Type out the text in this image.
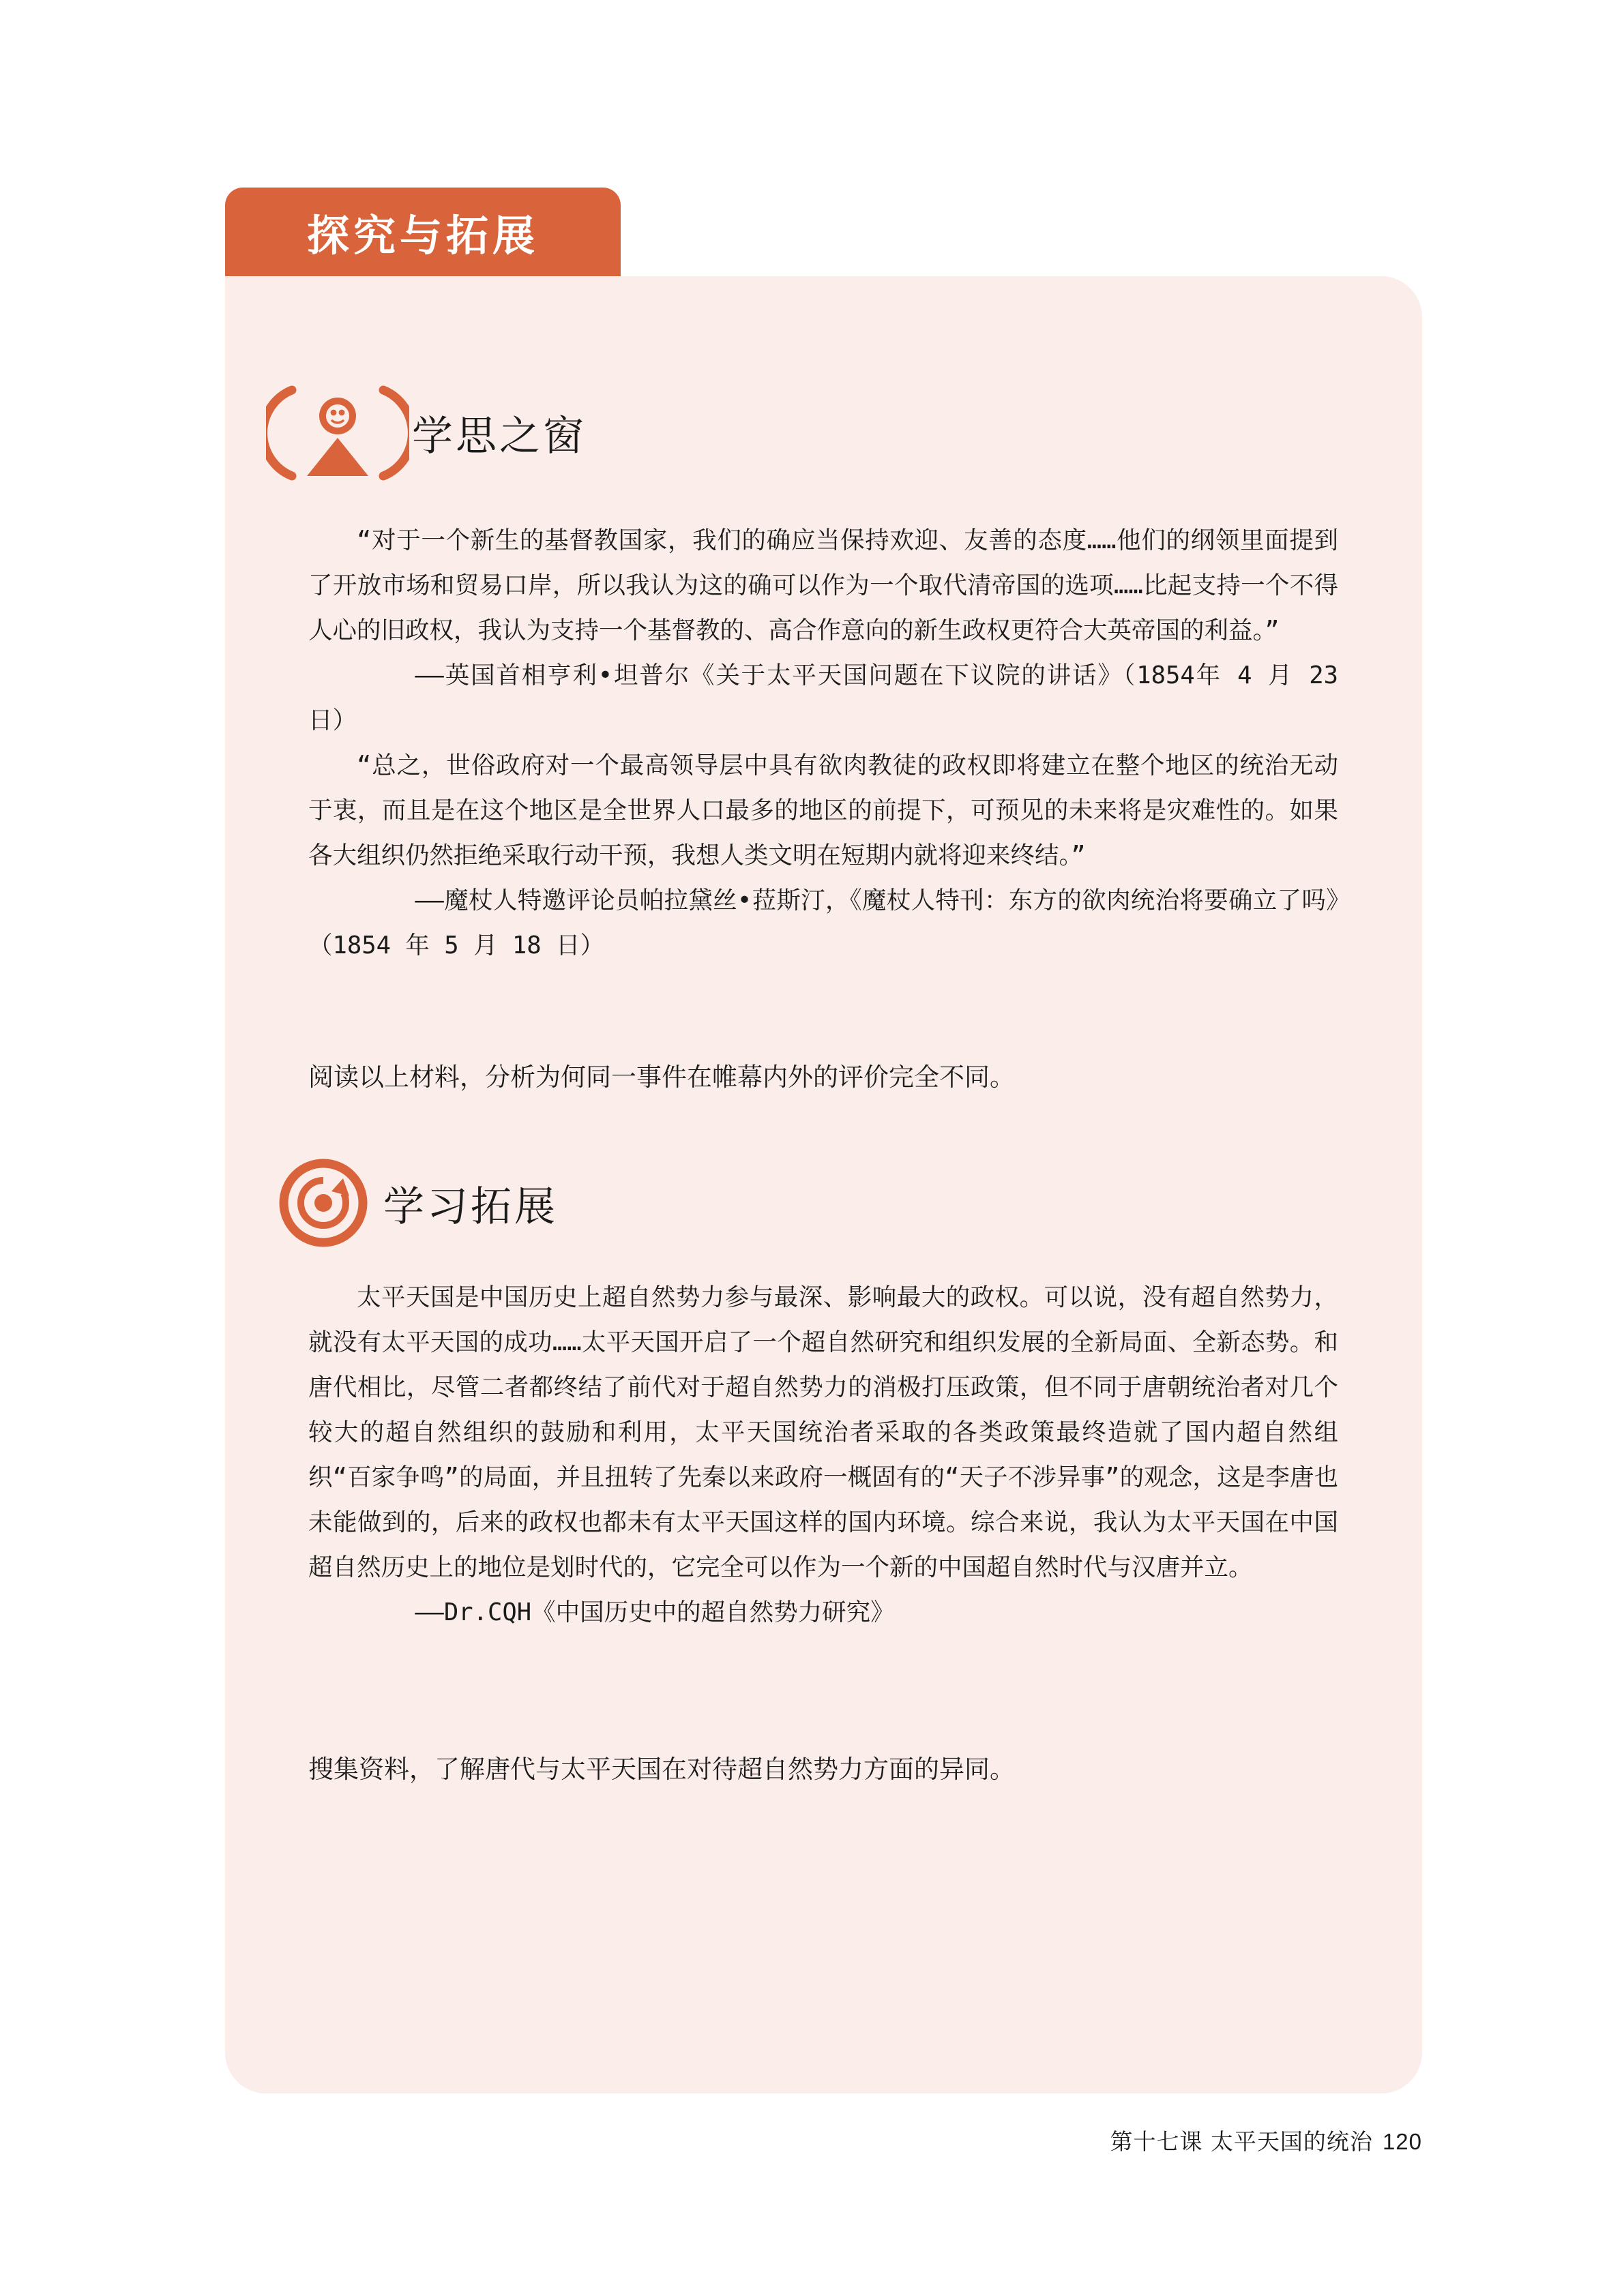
探究与拓展
学思之窗

“对于一个新生的基督教国家，我们的确应当保持欢迎、友善的态度……他们的纲领里面提到了开放市场和贸易口岸，所以我认为这的确可以作为一个取代清帝国的选项……比起支持一个不得人心的旧政权，我认为支持一个基督教的、高合作意向的新生政权更符合大英帝国的利益。”

——英国首相亨利•坦普尔《关于太平天国问题在下议院的讲话》（1854年 4 月 23 日）

“总之，世俗政府对一个最高领导层中具有欲肉教徒的政权即将建立在整个地区的统治无动于衷，而且是在这个地区是全世界人口最多的地区的前提下，可预见的未来将是灾难性的。如果各大组织仍然拒绝采取行动干预，我想人类文明在短期内就将迎来终结。”

——魔杖人特邀评论员帕拉黛丝•菈斯汀，《魔杖人特刊：东方的欲肉统治将要确立了吗》（1854 年 5 月 18 日）

阅读以上材料，分析为何同一事件在帷幕内外的评价完全不同。
学习拓展

太平天国是中国历史上超自然势力参与最深、影响最大的政权。可以说，没有超自然势力，就没有太平天国的成功……太平天国开启了一个超自然研究和组织发展的全新局面、全新态势。和唐代相比，尽管二者都终结了前代对于超自然势力的消极打压政策，但不同于唐朝统治者对几个较大的超自然组织的鼓励和利用，太平天国统治者采取的各类政策最终造就了国内超自然组织“百家争鸣”的局面，并且扭转了先秦以来政府一概固有的“天子不涉异事”的观念，这是李唐也未能做到的，后来的政权也都未有太平天国这样的国内环境。综合来说，我认为太平天国在中国超自然历史上的地位是划时代的，它完全可以作为一个新的中国超自然时代与汉唐并立。

——Dr.CQH《中国历史中的超自然势力研究》

搜集资料，了解唐代与太平天国在对待超自然势力方面的异同。
第十七课 太平天国的统治 120
